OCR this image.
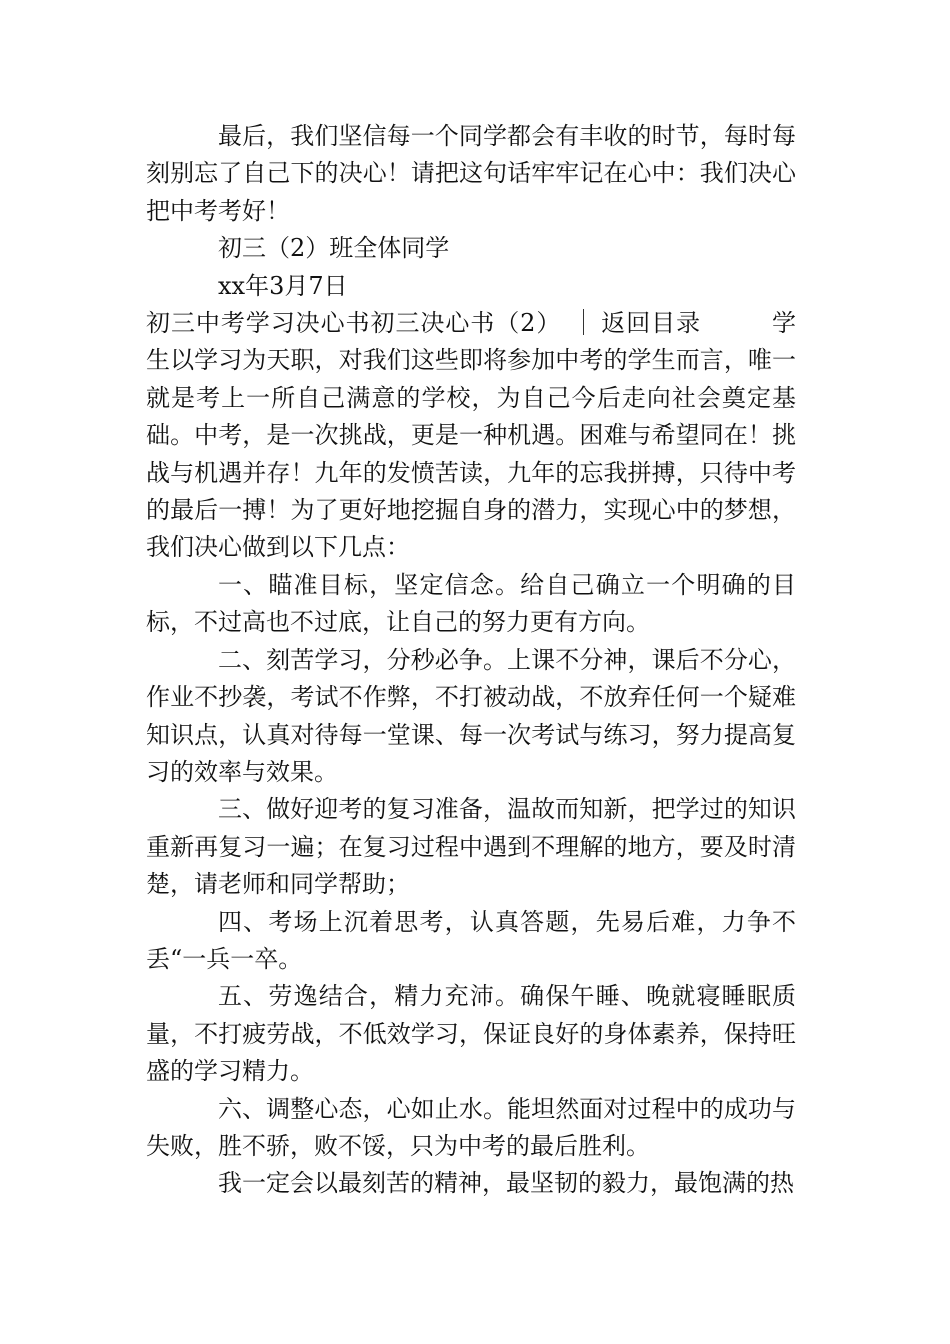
最后，我们坚信每一个同学都会有丰收的时节，每时每刻别忘了自己下的决心！请把这句话牢牢记在心中：我们决心把中考考好！

初三（2）班全体同学

xx年3月7日

初三中考学习决心书初三决心书（2） 返回目录	学生以学习为天职，对我们这些即将参加中考的学生而言，唯一就是考上一所自己满意的学校，为自己今后走向社会奠定基础。中考，是一次挑战，更是一种机遇。困难与希望同在！挑战与机遇并存！九年的发愤苦读，九年的忘我拼搏，只待中考的最后一搏！为了更好地挖掘自身的潜力，实现心中的梦想，我们决心做到以下几点：

一、瞄准目标，坚定信念。给自己确立一个明确的目标，不过高也不过底，让自己的努力更有方向。

二、刻苦学习，分秒必争。上课不分神，课后不分心，作业不抄袭，考试不作弊，不打被动战，不放弃任何一个疑难知识点，认真对待每一堂课、每一次考试与练习，努力提高复习的效率与效果。

三、做好迎考的复习准备，温故而知新，把学过的知识重新再复习一遍；在复习过程中遇到不理解的地方，要及时清楚，请老师和同学帮助；

四、考场上沉着思考，认真答题，先易后难，力争不丢“一兵一卒。

五、劳逸结合，精力充沛。确保午睡、晚就寝睡眠质量，不打疲劳战，不低效学习，保证良好的身体素养，保持旺盛的学习精力。

六、调整心态，心如止水。能坦然面对过程中的成功与失败，胜不骄，败不馁，只为中考的最后胜利。

我一定会以最刻苦的精神，最坚韧的毅力，最饱满的热
